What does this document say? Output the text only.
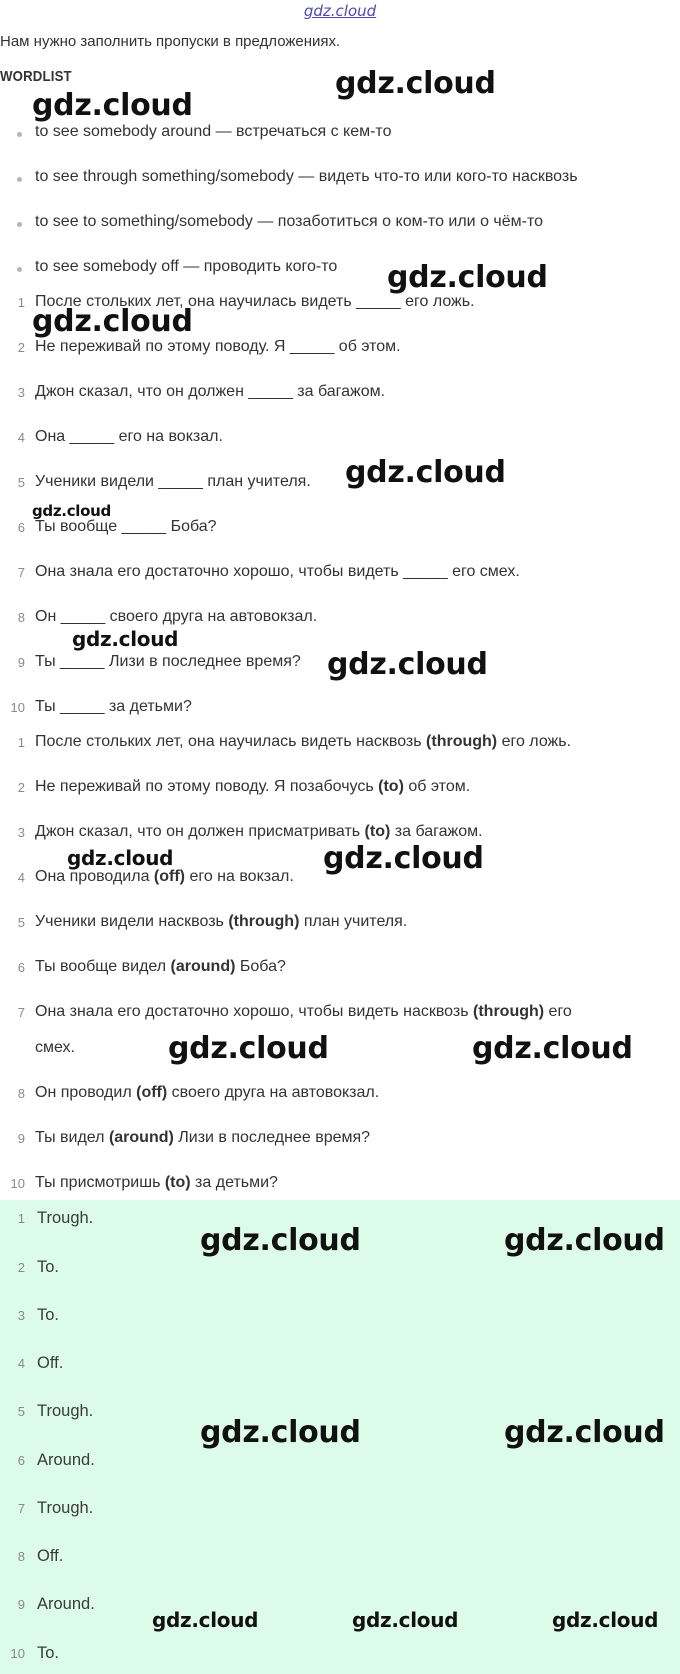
gdz.cloud
Нам нужно заполнить пропуски в предложениях.
WORDLIST
to see somebody around — встречаться с кем-то
to see through something/somebody — видеть что-то или кого-то насквозь
to see to something/somebody — позаботиться о ком-то или о чём-то
to see somebody off — проводить кого-то
1 После стольких лет, она научилась видеть _____ его ложь.
2 Не переживай по этому поводу. Я _____ об этом.
3 Джон сказал, что он должен _____ за багажом.
4 Она _____ его на вокзал.
5 Ученики видели _____ план учителя.
6 Ты вообще _____ Боба?
7 Она знала его достаточно хорошо, чтобы видеть _____ его смех.
8 Он _____ своего друга на автовокзал.
9 Ты _____ Лизи в последнее время?
10 Ты _____ за детьми?
1 После стольких лет, она научилась видеть насквозь (through) его ложь.
2 Не переживай по этому поводу. Я позабочусь (to) об этом.
3 Джон сказал, что он должен присматривать (to) за багажом.
4 Она проводила (off) его на вокзал.
5 Ученики видели насквозь (through) план учителя.
6 Ты вообще видел (around) Боба?
7 Она знала его достаточно хорошо, чтобы видеть насквозь (through) его
смех.
8 Он проводил (off) своего друга на автовокзал.
9 Ты видел (around) Лизи в последнее время?
10 Ты присмотришь (to) за детьми?
1 Trough.
2 To.
3 To.
4 Off.
5 Trough.
6 Around.
7 Trough.
8 Off.
9 Around.
10 To.
gdz.cloud
gdz.cloud
gdz.cloud
gdz.cloud
gdz.cloud
gdz.cloud
gdz.cloud
gdz.cloud
gdz.cloud	gdz.cloud
gdz.cloud	gdz.cloud
gdz.cloud	gdz.cloud
gdz.cloud	gdz.cloud
gdz.cloud	gdz.cloud	gdz.cloud
